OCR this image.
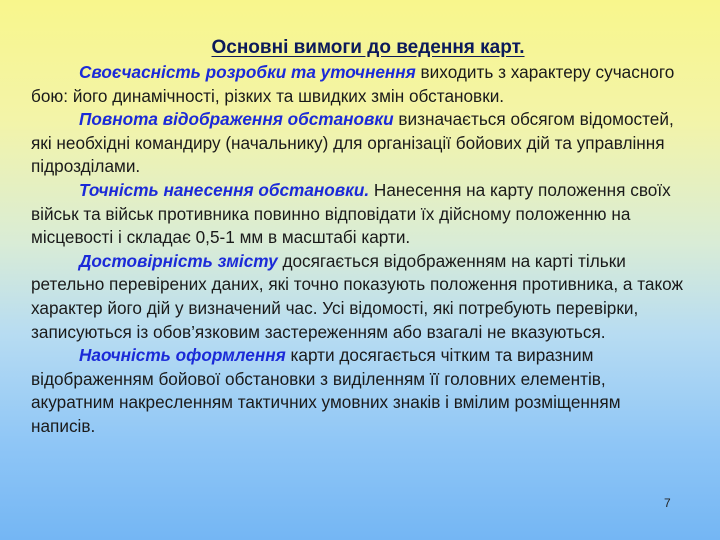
Основні вимоги до ведення карт.

Своєчасність розробки та уточнення виходить з характеру сучасного бою: його динамічності, різких та швидких змін обстановки.

Повнота відображення обстановки визначається обсягом відомостей, які необхідні командиру (начальнику) для організації бойових дій та управління підрозділами.

Точність нанесення обстановки. Нанесення на карту положення своїх військ та військ противника повинно відповідати їх дійсному положенню на місцевості і складає 0,5-1 мм в масштабі карти.

Достовірність змісту досягається відображенням на карті тільки ретельно перевірених даних, які точно показують положення противника, а також характер його дій у визначений час. Усі відомості, які потребують перевірки, записуються із обов’язковим застереженням або взагалі не вказуються.

Наочність оформлення карти досягається чітким та виразним відображенням бойової обстановки з виділенням її головних елементів, акуратним накресленням тактичних умовних знаків і вмілим розміщенням написів.

7
